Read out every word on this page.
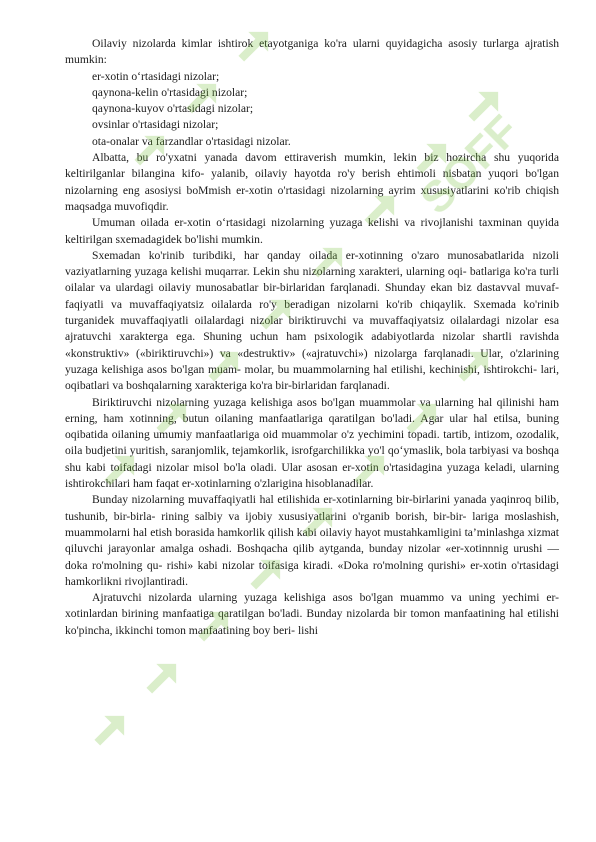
Oilaviy nizolarda kimlar ishtirok etayotganiga ko'ra ularni quyidagicha asosiy turlarga ajratish mumkin:

er-xotin o‘rtasidagi nizolar;

qaynona-kelin o'rtasidagi nizolar;

qaynona-kuyov o'rtasidagi nizolar;

ovsinlar o'rtasidagi nizolar;

ota-onalar va farzandlar o'rtasidagi nizolar.

Albatta, bu ro'yxatni yanada davom ettiraverish mumkin, lekin biz hozircha shu yuqorida keltirilganlar bilangina kifo- yalanib, oilaviy hayotda ro'y berish ehtimoli nisbatan yuqori bo'lgan nizolarning eng asosiysi boMmish er-xotin o'rtasidagi nizolarning ayrim xususiyatlarini кo'rib chiqish maqsadga muvofiqdir.

Umuman oilada er-xotin o‘rtasidagi nizolarning yuzaga kelishi va rivojlanishi taxminan quyida keltirilgan sxemadagidek bo'lishi mumkin.

Sxemadan ko'rinib turibdiki, har qanday oilada er-xotinning o'zaro munosabatlarida nizoli vaziyatlarning yuzaga kelishi muqarrar. Lekin shu nizolarning xarakteri, ularning oqi- batlariga ko'ra turli oilalar va ulardagi oilaviy munosabatlar bir-birlaridan farqlanadi. Shunday ekan biz dastavval muvaf- faqiyatli va muvaffaqiyatsiz oilalarda ro'y beradigan nizolarni ko'rib chiqaylik. Sxemada ko'rinib turganidek muvaffaqiyatli oilalardagi nizolar biriktiruvchi va muvaffaqiyatsiz oilalardagi nizolar esa ajratuvchi xarakterga ega. Shuning uchun ham psixologik adabiyotlarda nizolar shartli ravishda «konstruktiv» («biriktiruvchi») va «destruktiv» («ajratuvchi») nizolarga farqlanadi. Ular, o'zlarining yuzaga kelishiga asos bo'lgan muam- molar, bu muammolarning hal etilishi, kechinishi, ishtirokchi- lari, oqibatlari va boshqalarning xarakteriga ko'ra bir-birlaridan farqlanadi.

Biriktiruvchi nizolarning yuzaga kelishiga asos bo'lgan muammolar va ularning hal qilinishi ham erning, ham xotinning, butun oilaning manfaatlariga qaratilgan bo'ladi. Agar ular hal etilsa, buning oqibatida oilaning umumiy manfaatlariga oid muammolar o'z yechimini topadi. tartib, intizom, ozodalik, oila budjetini yuritish, saranjomlik, tejamkorlik, isrofgarchilikka yo'l qo‘ymaslik, bola tarbiyasi va boshqa shu kabi toifadagi nizolar misol bo'la oladi. Ular asosan er-xotin o'rtasidagina yuzaga keladi, ularning ishtirokchilari ham faqat er-xotinlarning o'zlarigina hisoblanadilar.

Bunday nizolarning muvaffaqiyatli hal etilishida er-xotinlarning bir-birlarini yanada yaqinroq bilib, tushunib, bir-birla- rining salbiy va ijobiy xususiyatlarini o'rganib borish, bir-bir- lariga moslashish, muammolarni hal etish borasida hamkorlik qilish kabi oilaviy hayot mustahkamligini ta’minlashga xizmat qiluvchi jarayonlar amalga oshadi. Boshqacha qilib aytganda, bunday nizolar «er-xotinnnig urushi — doka ro'molning qu- rishi» kabi nizolar toifasiga kiradi. «Doka ro'molning qurishi» er-xotin o'rtasidagi hamkorlikni rivojlantiradi.

Ajratuvchi nizolarda ularning yuzaga kelishiga asos bo'lgan muammo va uning yechimi er-xotinlardan birining manfaatiga qaratilgan bo'ladi. Bunday nizolarda bir tomon manfaatining hal etilishi ko'pincha, ikkinchi tomon manfaatining boy beri- lishi

SOFF
